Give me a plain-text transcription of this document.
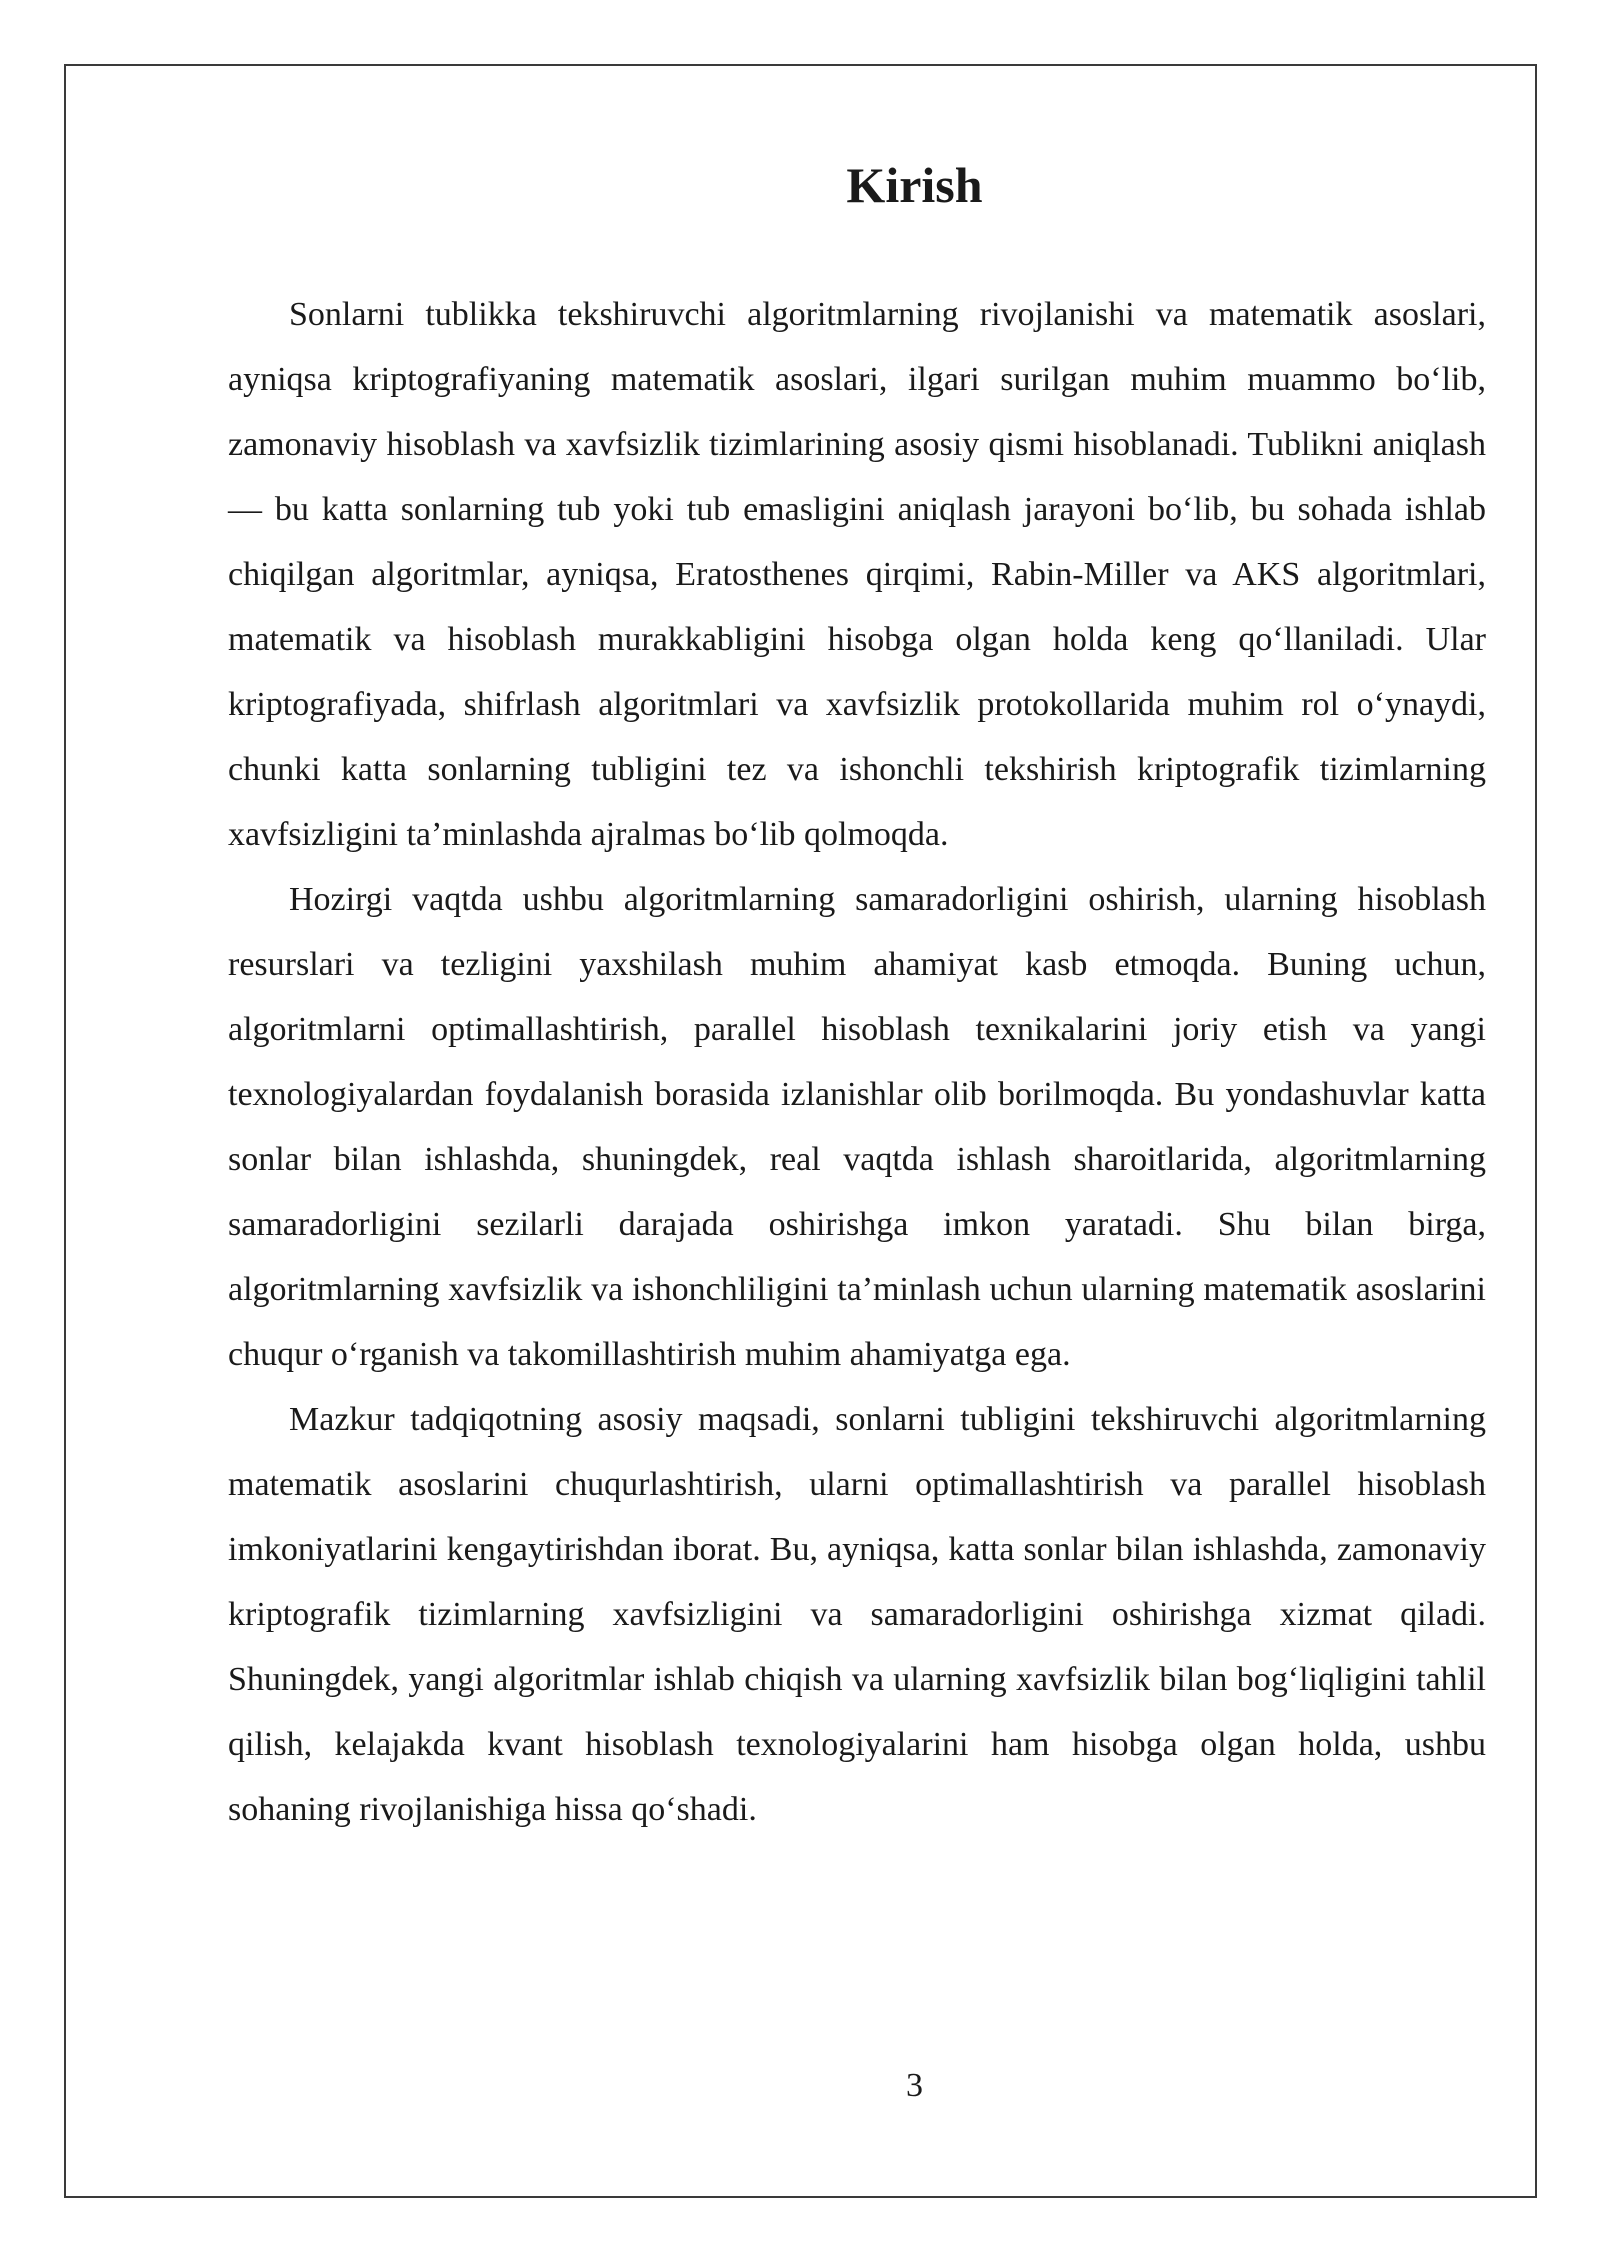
Kirish

Sonlarni tublikka tekshiruvchi algoritmlarning rivojlanishi va matematik asoslari, ayniqsa kriptografiyaning matematik asoslari, ilgari surilgan muhim muammo bo‘lib, zamonaviy hisoblash va xavfsizlik tizimlarining asosiy qismi hisoblanadi. Tublikni aniqlash — bu katta sonlarning tub yoki tub emasligini aniqlash jarayoni bo‘lib, bu sohada ishlab chiqilgan algoritmlar, ayniqsa, Eratosthenes qirqimi, Rabin-Miller va AKS algoritmlari, matematik va hisoblash murakkabligini hisobga olgan holda keng qo‘llaniladi. Ular kriptografiyada, shifrlash algoritmlari va xavfsizlik protokollarida muhim rol o‘ynaydi, chunki katta sonlarning tubligini tez va ishonchli tekshirish kriptografik tizimlarning xavfsizligini ta’minlashda ajralmas bo‘lib qolmoqda.

Hozirgi vaqtda ushbu algoritmlarning samaradorligini oshirish, ularning hisoblash resurslari va tezligini yaxshilash muhim ahamiyat kasb etmoqda. Buning uchun, algoritmlarni optimallashtirish, parallel hisoblash texnikalarini joriy etish va yangi texnologiyalardan foydalanish borasida izlanishlar olib borilmoqda. Bu yondashuvlar katta sonlar bilan ishlashda, shuningdek, real vaqtda ishlash sharoitlarida, algoritmlarning samaradorligini sezilarli darajada oshirishga imkon yaratadi. Shu bilan birga, algoritmlarning xavfsizlik va ishonchliligini ta’minlash uchun ularning matematik asoslarini chuqur o‘rganish va takomillashtirish muhim ahamiyatga ega.

Mazkur tadqiqotning asosiy maqsadi, sonlarni tubligini tekshiruvchi algoritmlarning matematik asoslarini chuqurlashtirish, ularni optimallashtirish va parallel hisoblash imkoniyatlarini kengaytirishdan iborat. Bu, ayniqsa, katta sonlar bilan ishlashda, zamonaviy kriptografik tizimlarning xavfsizligini va samaradorligini oshirishga xizmat qiladi. Shuningdek, yangi algoritmlar ishlab chiqish va ularning xavfsizlik bilan bog‘liqligini tahlil qilish, kelajakda kvant hisoblash texnologiyalarini ham hisobga olgan holda, ushbu sohaning rivojlanishiga hissa qo‘shadi.

3
